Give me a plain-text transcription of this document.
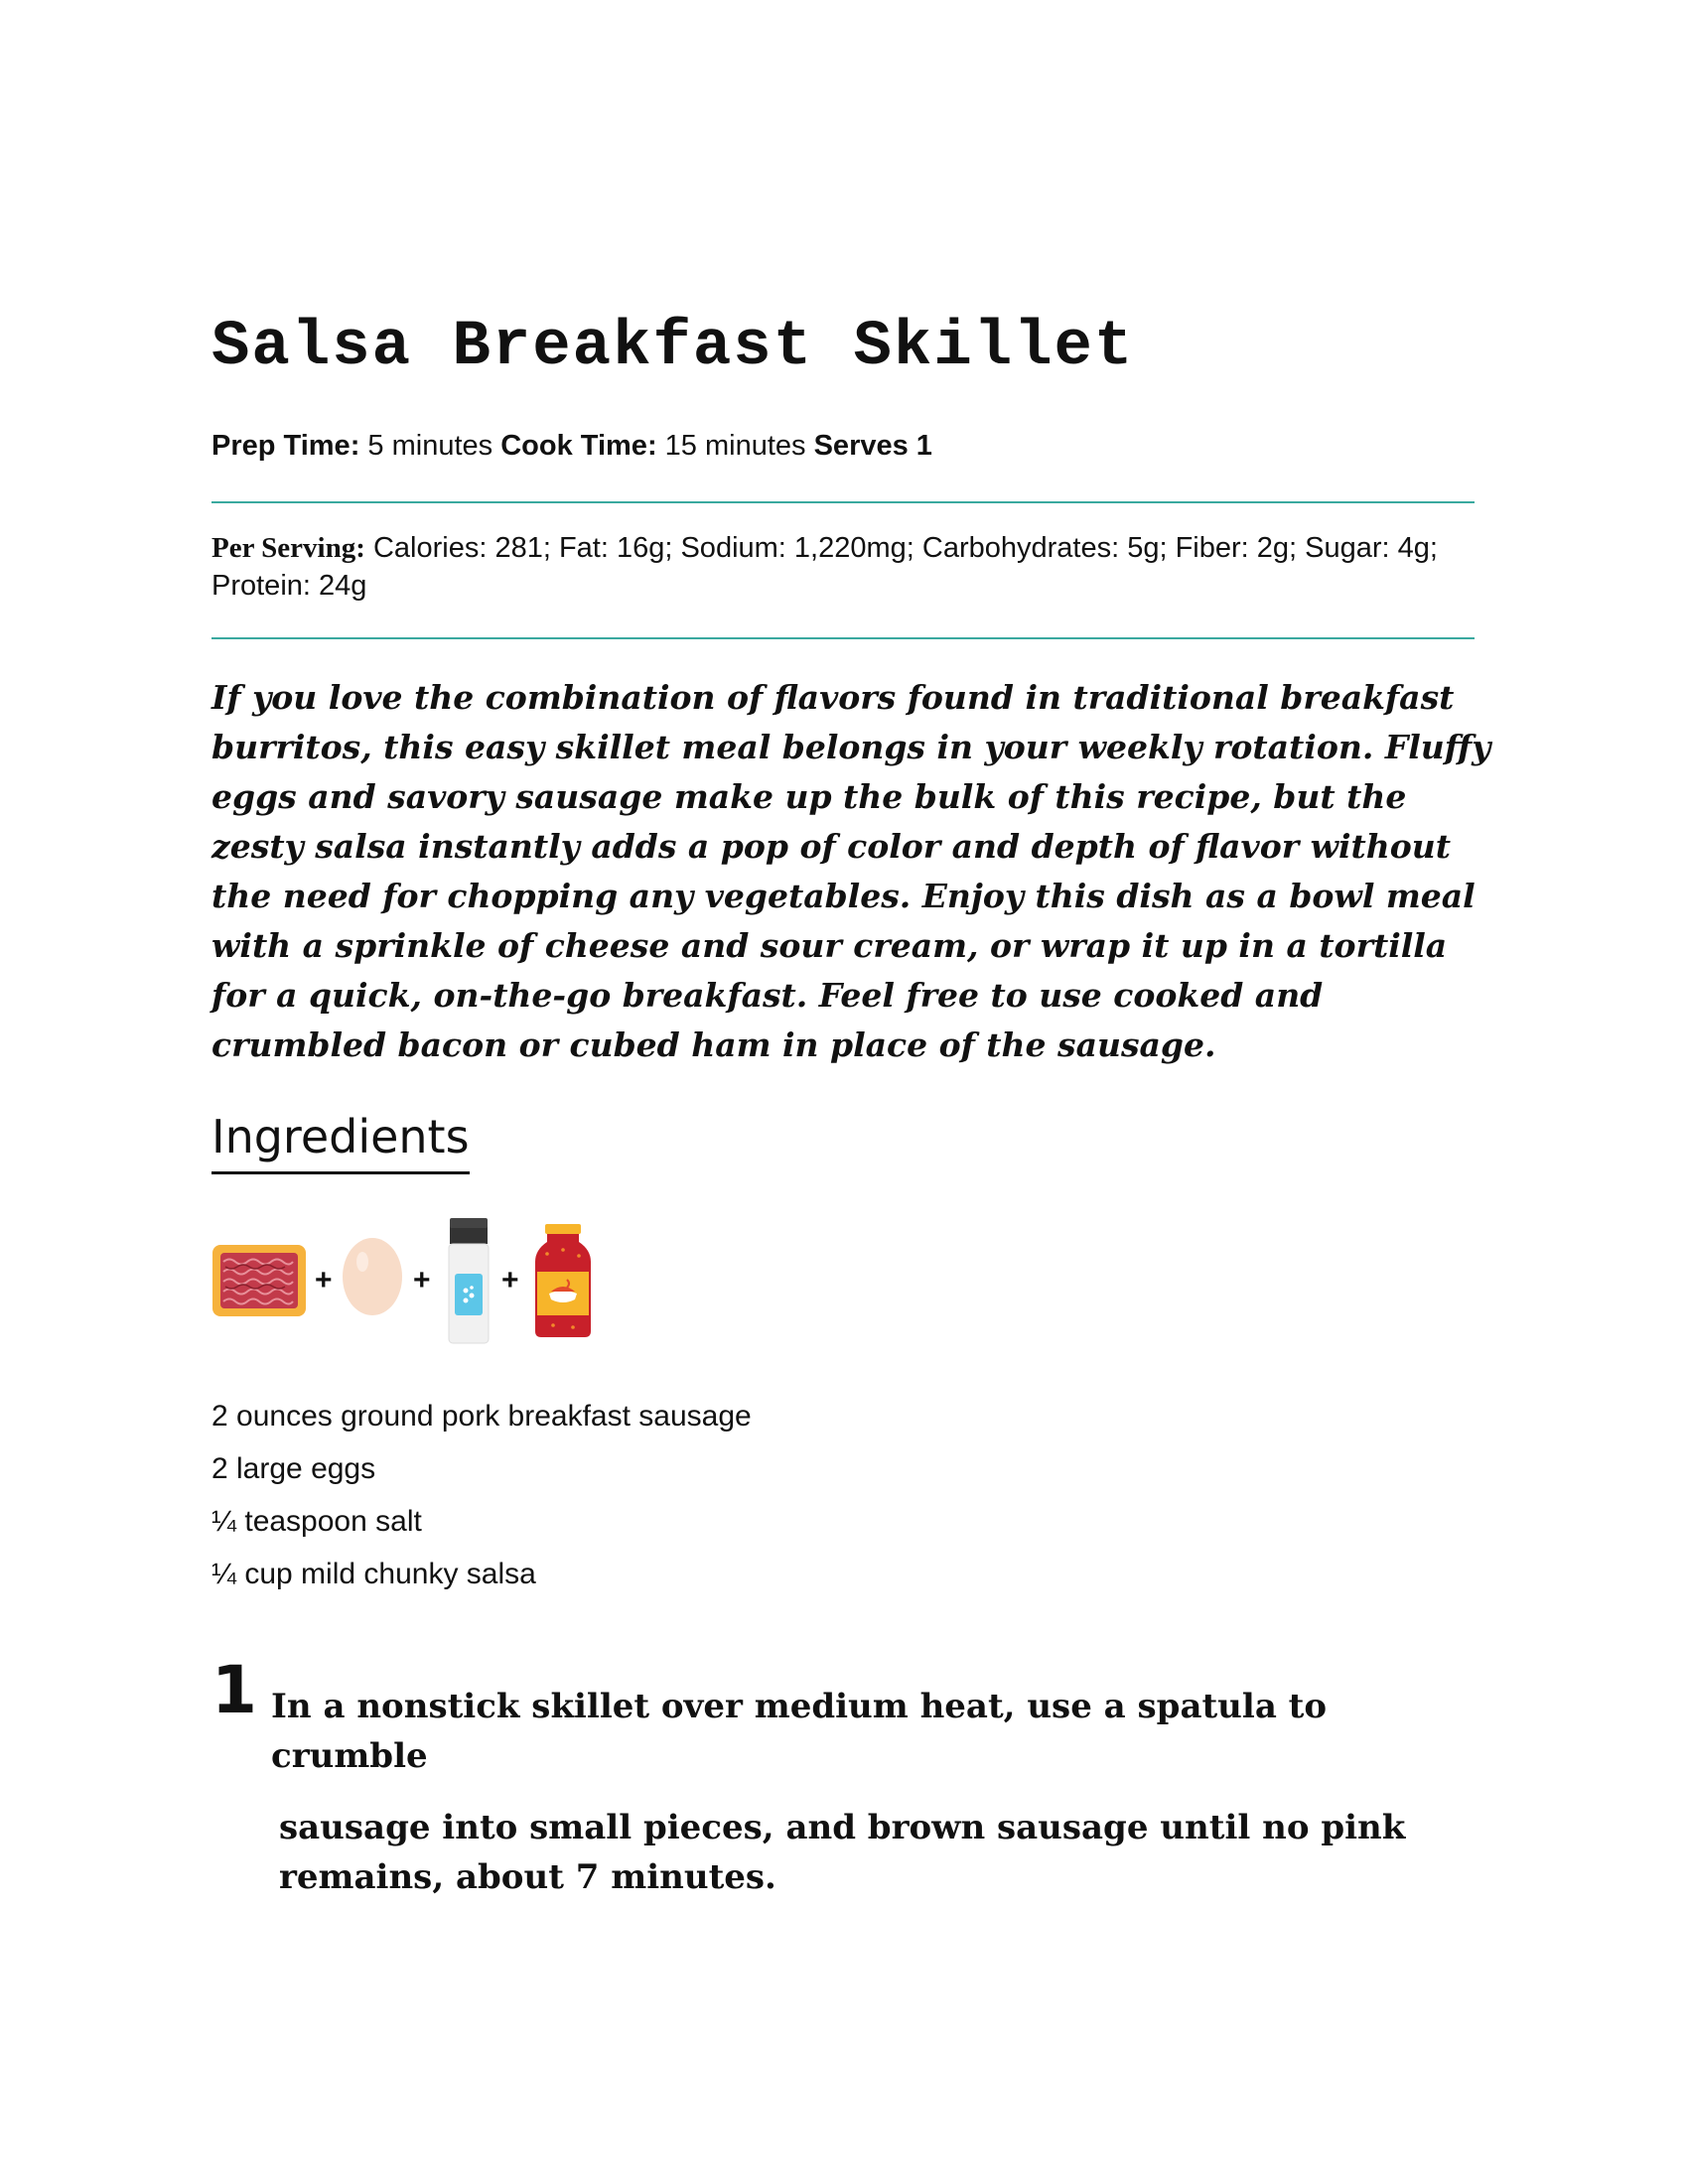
Salsa Breakfast Skillet
Prep Time: 5 minutes Cook Time: 15 minutes Serves 1
Per Serving: Calories: 281; Fat: 16g; Sodium: 1,220mg; Carbohydrates: 5g; Fiber: 2g; Sugar: 4g; Protein: 24g

If you love the combination of flavors found in traditional breakfast burritos, this easy skillet meal belongs in your weekly rotation. Fluffy eggs and savory sausage make up the bulk of this recipe, but the zesty salsa instantly adds a pop of color and depth of flavor without the need for chopping any vegetables. Enjoy this dish as a bowl meal with a sprinkle of cheese and sour cream, or wrap it up in a tortilla for a quick, on-the-go breakfast. Feel free to use cooked and crumbled bacon or cubed ham in place of the sausage.

Ingredients
+	+ +
2 ounces ground pork breakfast sausage
2 large eggs
¼ teaspoon salt
¼ cup mild chunky salsa
1 In a nonstick skillet over medium heat, use a spatula to crumble
sausage into small pieces, and brown sausage until no pink remains, about 7 minutes.
